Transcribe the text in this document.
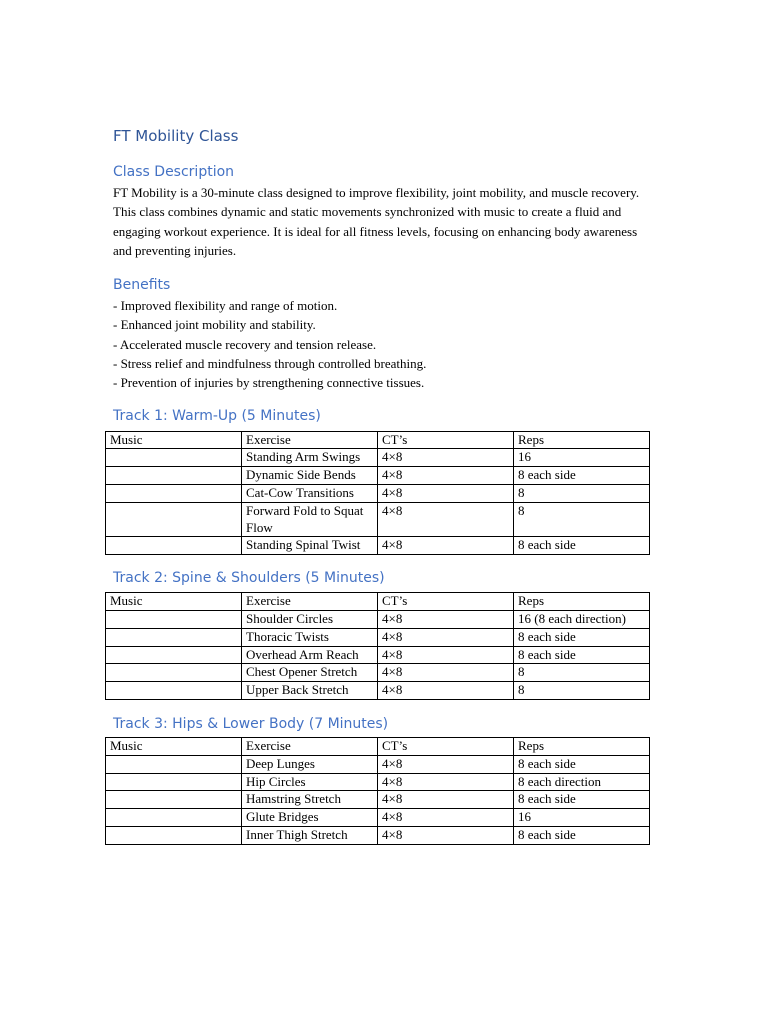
FT Mobility Class
Class Description

FT Mobility is a 30-minute class designed to improve flexibility, joint mobility, and muscle recovery. This class combines dynamic and static movements synchronized with music to create a fluid and engaging workout experience. It is ideal for all fitness levels, focusing on enhancing body awareness and preventing injuries.

Benefits
- Improved flexibility and range of motion.
- Enhanced joint mobility and stability.
- Accelerated muscle recovery and tension release.
- Stress relief and mindfulness through controlled breathing.
- Prevention of injuries by strengthening connective tissues.
Track 1: Warm-Up (5 Minutes)
Music	Exercise	CT’s	Reps
	Standing Arm Swings	4×8	16
	Dynamic Side Bends	4×8	8 each side
	Cat-Cow Transitions	4×8	8
	Forward Fold to Squat Flow	4×8	8
	Standing Spinal Twist	4×8	8 each side
Track 2: Spine & Shoulders (5 Minutes)
Music	Exercise	CT’s	Reps
	Shoulder Circles	4×8	16 (8 each direction)
	Thoracic Twists	4×8	8 each side
	Overhead Arm Reach	4×8	8 each side
	Chest Opener Stretch	4×8	8
	Upper Back Stretch	4×8	8
Track 3: Hips & Lower Body (7 Minutes)
Music	Exercise	CT’s	Reps
	Deep Lunges	4×8	8 each side
	Hip Circles	4×8	8 each direction
	Hamstring Stretch	4×8	8 each side
	Glute Bridges	4×8	16
	Inner Thigh Stretch	4×8	8 each side
